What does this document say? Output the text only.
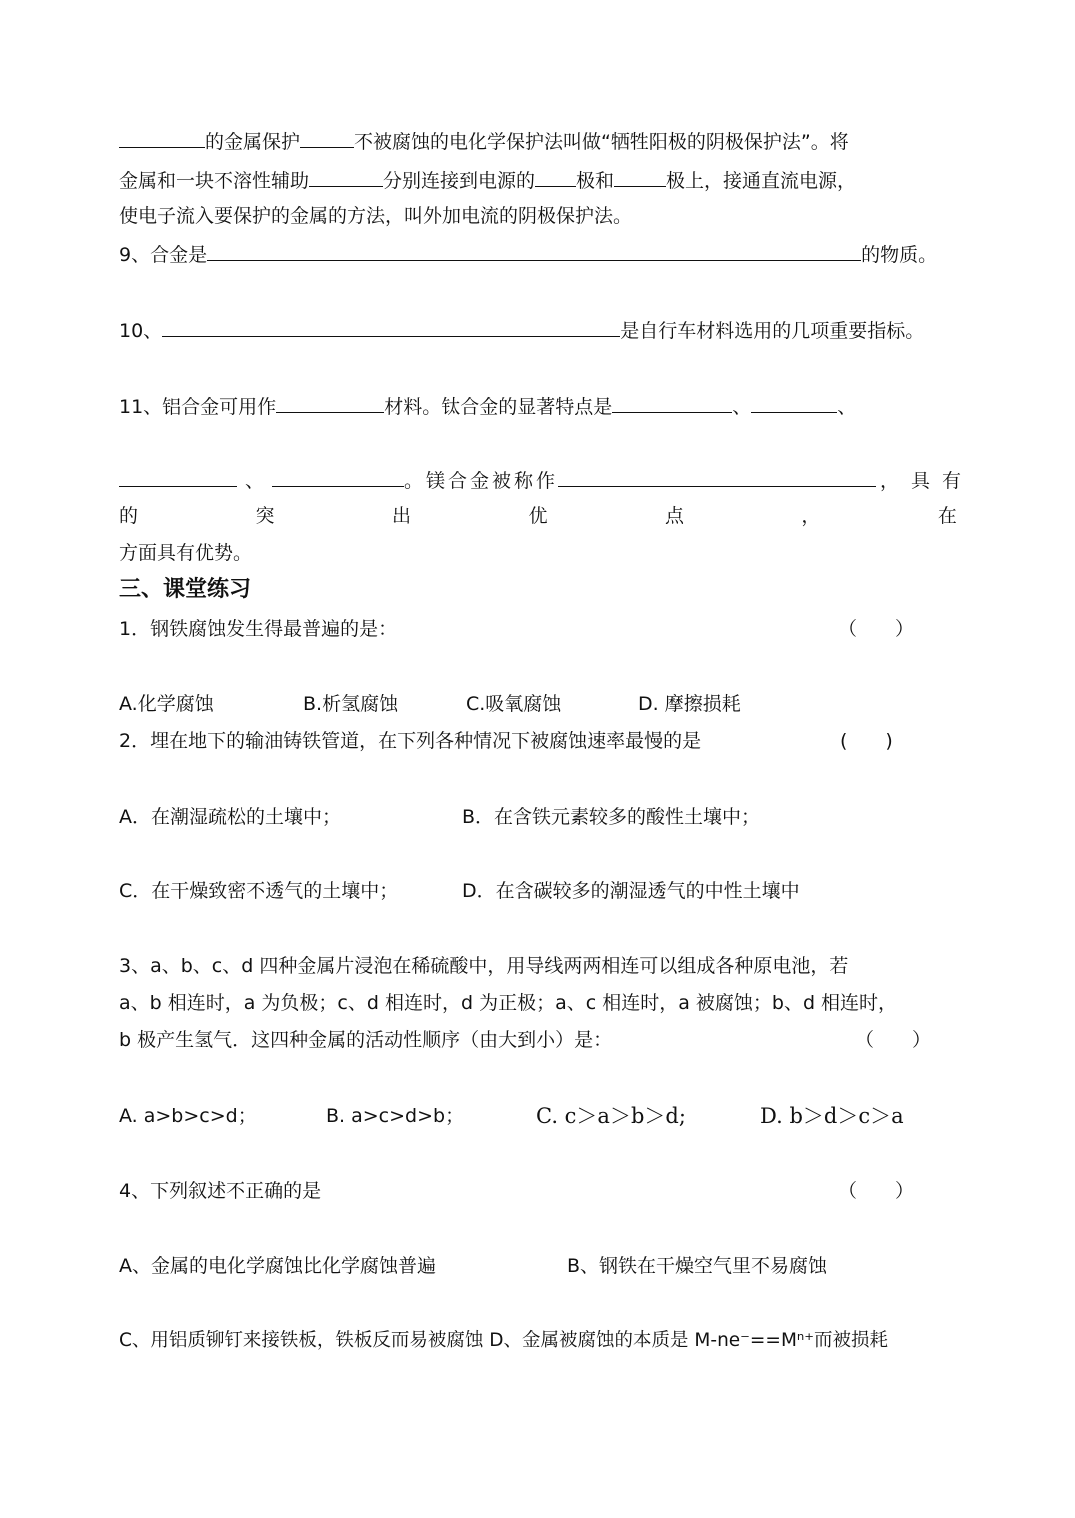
的金属保护	不被腐蚀的电化学保护法叫做“牺牲阳极的阴极保护法”。将
金属和一块不溶性辅助	分别连接到电源的 极和	极上，接通直流电源，
使电子流入要保护的金属的方法，叫外加电流的阴极保护法。
9、合金是	的物质。
10、	是自行车材料选用的几项重要指标。
11、铝合金可用作	材料。钛合金的显著特点是	、	、
、	。镁合金被称作	，具有
的	突	出	优	点	，	在
方面具有优势。
三、课堂练习
1．钢铁腐蚀发生得最普遍的是：	（　　）
A.化学腐蚀	B.析氢腐蚀	C.吸氧腐蚀	D. 摩擦损耗
2．埋在地下的输油铸铁管道，在下列各种情况下被腐蚀速率最慢的是	(　　)
A．在潮湿疏松的土壤中；	B．在含铁元素较多的酸性土壤中；
C．在干燥致密不透气的土壤中；	D．在含碳较多的潮湿透气的中性土壤中
3、a、b、c、d 四种金属片浸泡在稀硫酸中，用导线两两相连可以组成各种原电池，若
a、b 相连时，a 为负极；c、d 相连时，d 为正极；a、c 相连时，a 被腐蚀；b、d 相连时，
b 极产生氢气．这四种金属的活动性顺序（由大到小）是：	（　　）
A. a>b>c>d；	B. a>c>d>b；	C. c＞a＞b＞d;	D. b＞d＞c＞a
4、下列叙述不正确的是	（　　）
A、金属的电化学腐蚀比化学腐蚀普遍	B、钢铁在干燥空气里不易腐蚀
C、用铝质铆钉来接铁板，铁板反而易被腐蚀 D、金属被腐蚀的本质是 M-ne⁻==Mⁿ⁺而被损耗
